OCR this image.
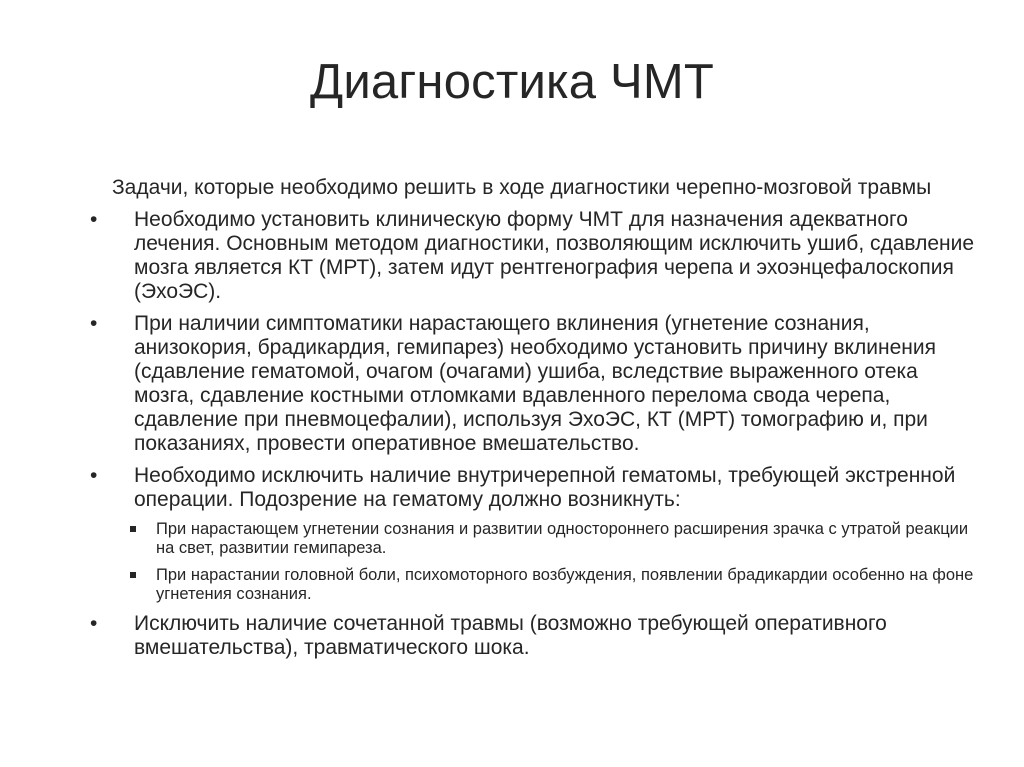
Диагностика ЧМТ

Задачи, которые необходимо решить в ходе диагностики черепно-мозговой травмы

•	Необходимо установить клиническую форму ЧМТ для назначения адекватного лечения. Основным методом диагностики, позволяющим исключить ушиб, сдавление мозга является КТ (МРТ), затем идут рентгенография черепа и эхоэнцефалоскопия (ЭхоЭС).
•	При наличии симптоматики нарастающего вклинения (угнетение сознания, анизокория, брадикардия, гемипарез) необходимо установить причину вклинения (сдавление гематомой, очагом (очагами) ушиба, вследствие выраженного отека мозга, сдавление костными отломками вдавленного перелома свода черепа, сдавление при пневмоцефалии), используя ЭхоЭС, КТ (МРТ) томографию и, при показаниях, провести оперативное вмешательство.
•	Необходимо исключить наличие внутричерепной гематомы, требующей экстренной операции. Подозрение на гематому должно возникнуть:
При нарастающем угнетении сознания и развитии одностороннего расширения зрачка с утратой реакции на свет, развитии гемипареза.
При нарастании головной боли, психомоторного возбуждения, появлении брадикардии особенно на фоне угнетения сознания.
•	Исключить наличие сочетанной травмы (возможно требующей оперативного вмешательства), травматического шока.
